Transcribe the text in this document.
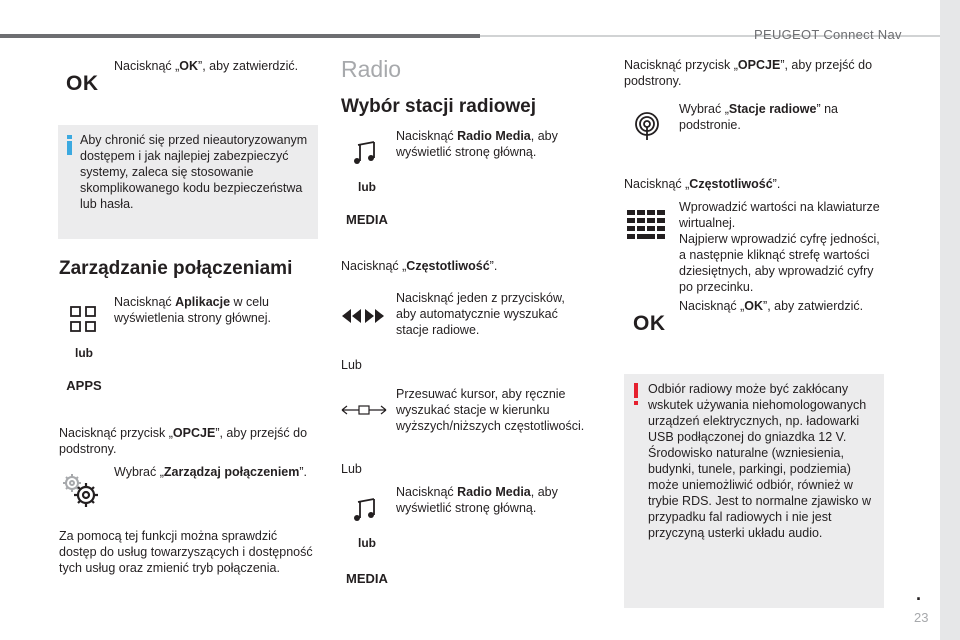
PEUGEOT Connect Nav
.
23
OK
Nacisknąć „OK”, aby zatwierdzić.
Aby chronić się przed nieautoryzowanym dostępem i jak najlepiej zabezpieczyć systemy, zaleca się stosowanie skomplikowanego kodu bezpieczeństwa lub hasła.
Zarządzanie połączeniami
Nacisknąć Aplikacje w celu wyświetlenia strony głównej.
lub
APPS
Nacisknąć przycisk „OPCJE”, aby przejść do podstrony.
Wybrać „Zarządzaj połączeniem”.
Za pomocą tej funkcji można sprawdzić dostęp do usług towarzyszących i dostępność tych usług oraz zmienić tryb połączenia.
Radio
Wybór stacji radiowej
Nacisknąć Radio Media, aby wyświetlić stronę główną.
lub
MEDIA
Nacisknąć „Częstotliwość”.
Nacisknąć jeden z przycisków, aby automatycznie wyszukać stacje radiowe.
Lub
Przesuwać kursor, aby ręcznie wyszukać stacje w kierunku wyższych/niższych częstotliwości.
Lub
Nacisknąć Radio Media, aby wyświetlić stronę główną.
lub
MEDIA
Nacisknąć przycisk „OPCJE”, aby przejść do podstrony.
Wybrać „Stacje radiowe” na podstronie.
Nacisknąć „Częstotliwość”.
Wprowadzić wartości na klawiaturze wirtualnej.
Najpierw wprowadzić cyfrę jedności, a następnie kliknąć strefę wartości dziesiętnych, aby wprowadzić cyfry po przecinku.
OK
Nacisknąć „OK”, aby zatwierdzić.
Odbiór radiowy może być zakłócany wskutek używania niehomologowanych urządzeń elektrycznych, np. ładowarki USB podłączonej do gniazdka 12 V. Środowisko naturalne (wzniesienia, budynki, tunele, parkingi, podziemia) może uniemożliwić odbiór, również w trybie RDS. Jest to normalne zjawisko w przypadku fal radiowych i nie jest przyczyną usterki układu audio.
